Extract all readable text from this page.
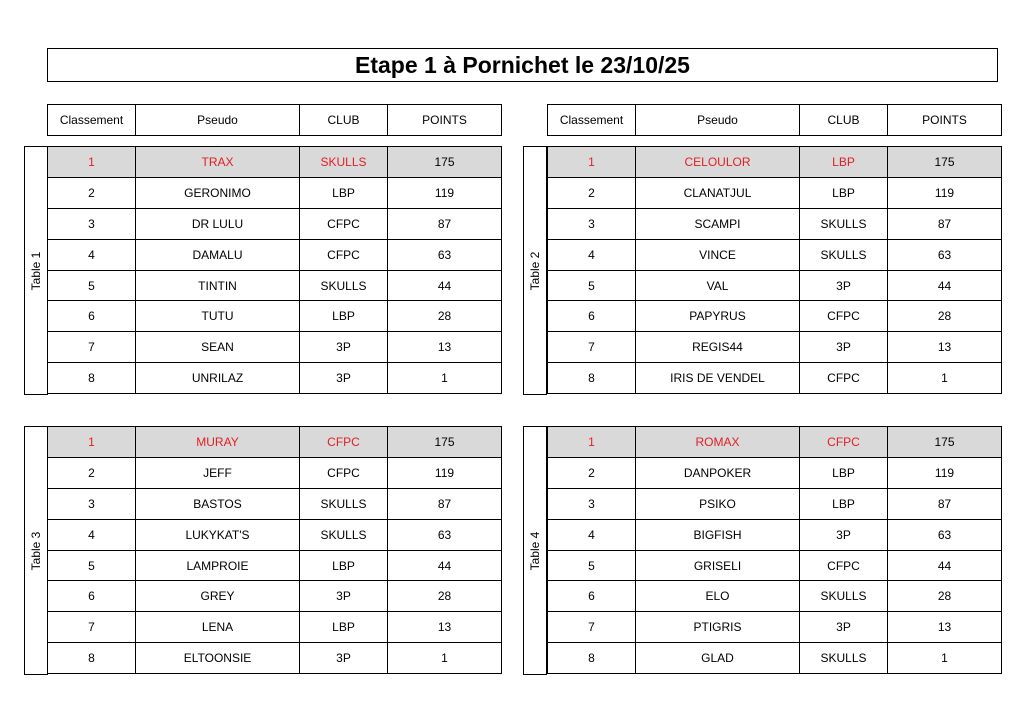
Etape 1 à Pornichet le 23/10/25
Classement	Pseudo	CLUB	POINTS	Classement	Pseudo	CLUB	POINTS
Table 1	Table 2
Table 3	Table 4
1	TRAX	SKULLS	175
2	GERONIMO	LBP	119
3	DR LULU	CFPC	87
4	DAMALU	CFPC	63
5	TINTIN	SKULLS	44
6	TUTU	LBP	28
7	SEAN	3P	13
8	UNRILAZ	3P	1
1	CELOULOR	LBP	175
2	CLANATJUL	LBP	119
3	SCAMPI	SKULLS	87
4	VINCE	SKULLS	63
5	VAL	3P	44
6	PAPYRUS	CFPC	28
7	REGIS44	3P	13
8	IRIS DE VENDEL	CFPC	1
1	MURAY	CFPC	175
2	JEFF	CFPC	119
3	BASTOS	SKULLS	87
4	LUKYKAT'S	SKULLS	63
5	LAMPROIE	LBP	44
6	GREY	3P	28
7	LENA	LBP	13
8	ELTOONSIE	3P	1
1	ROMAX	CFPC	175
2	DANPOKER	LBP	119
3	PSIKO	LBP	87
4	BIGFISH	3P	63
5	GRISELI	CFPC	44
6	ELO	SKULLS	28
7	PTIGRIS	3P	13
8	GLAD	SKULLS	1
